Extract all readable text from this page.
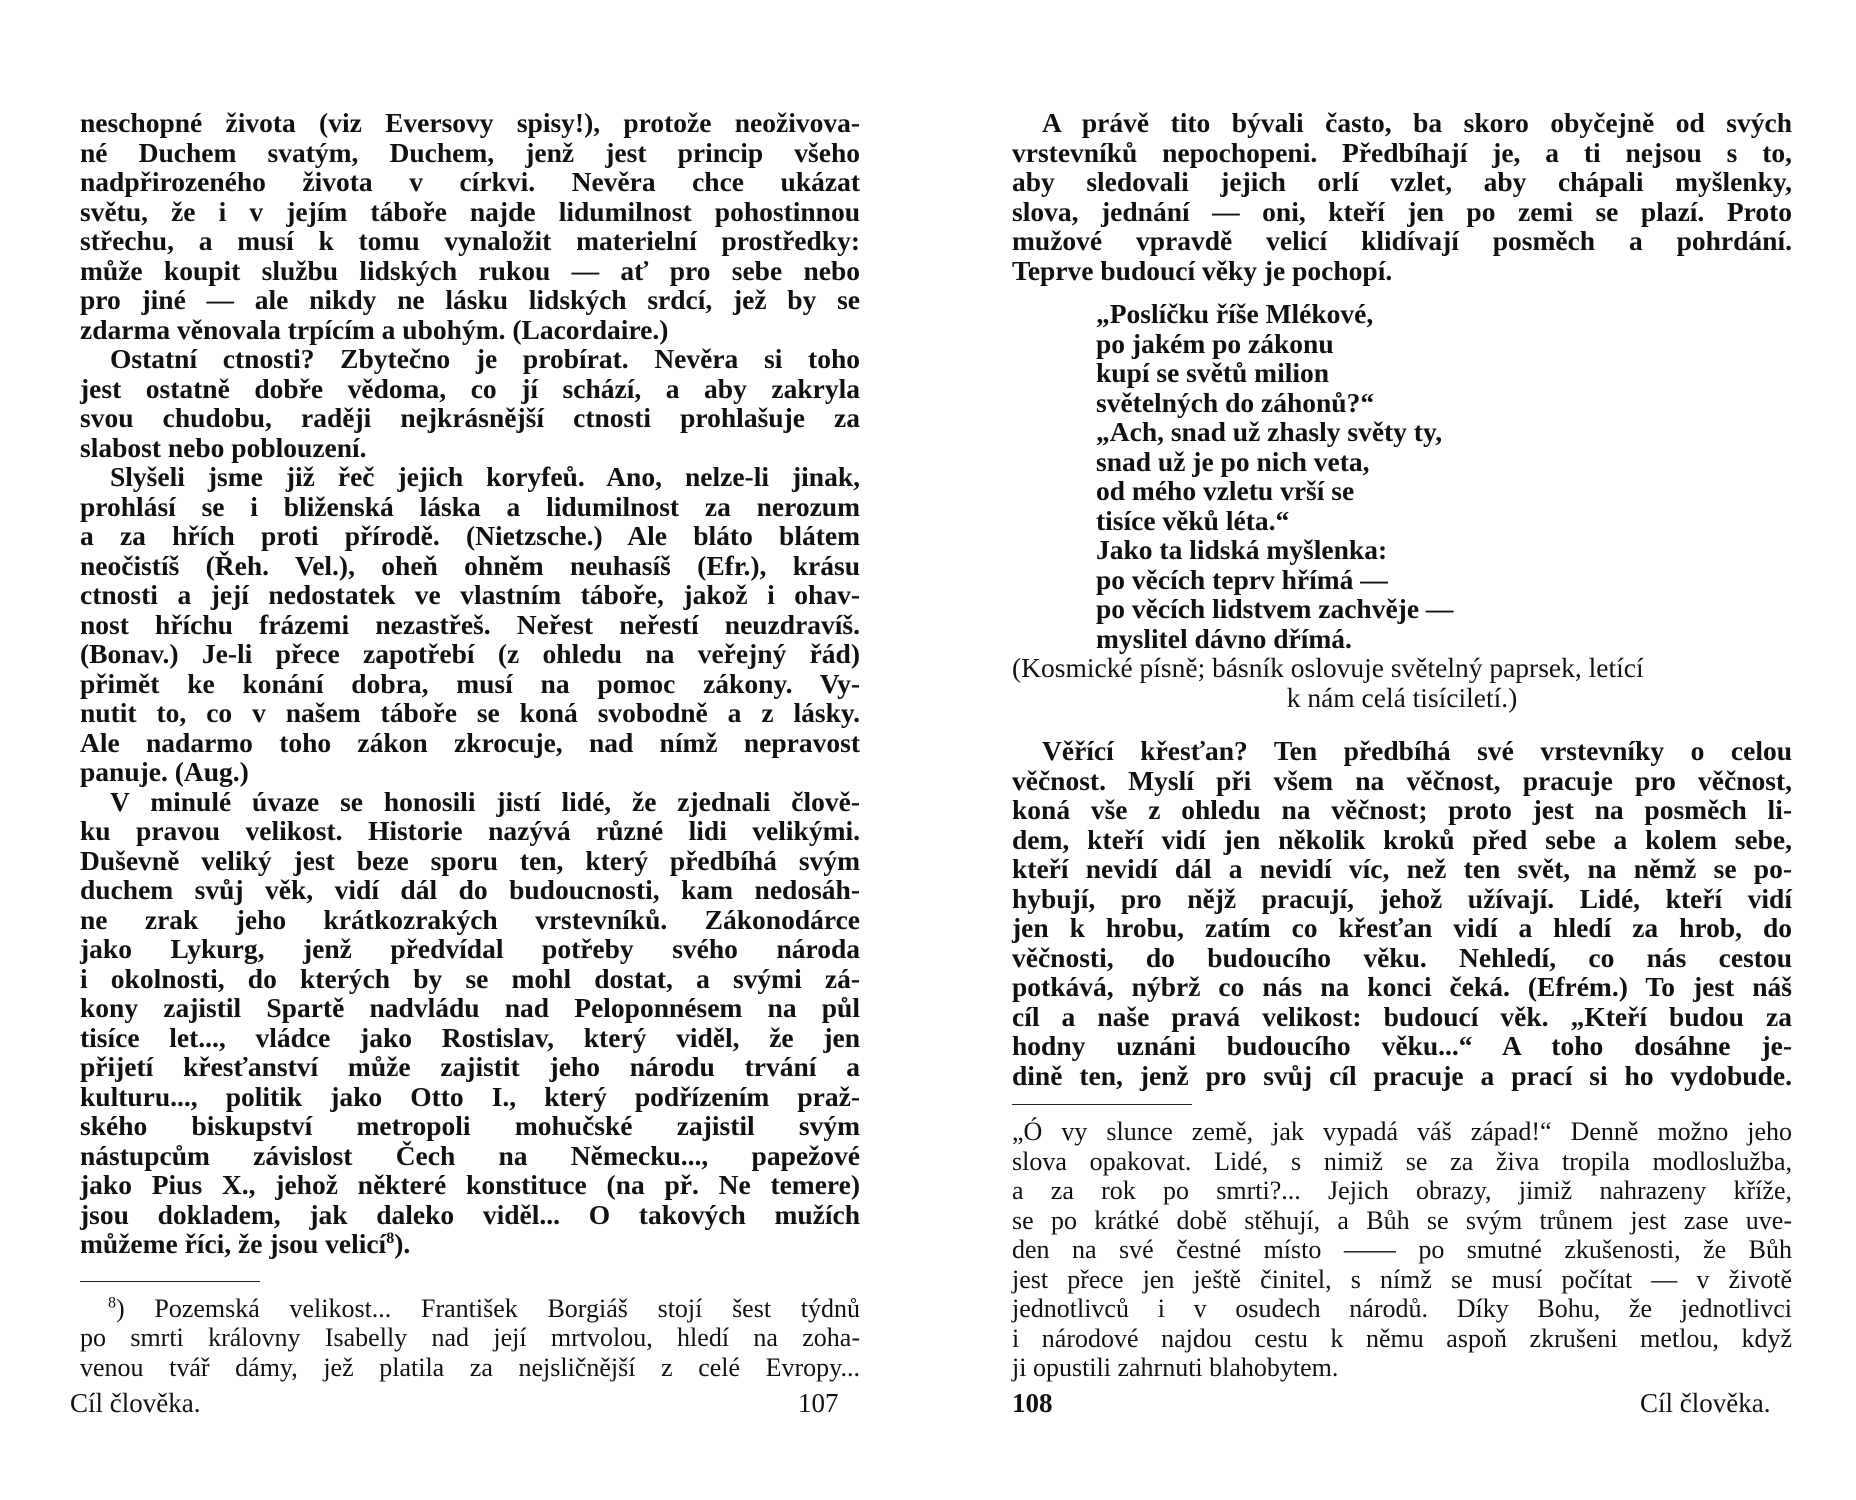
neschopné života (viz Eversovy spisy!), protože neoživova-
né Duchem svatým, Duchem, jenž jest princip všeho
nadpřirozeného života v církvi. Nevěra chce ukázat
světu, že i v jejím táboře najde lidumilnost pohostinnou
střechu, a musí k tomu vynaložit materielní prostředky:
může koupit službu lidských rukou — ať pro sebe nebo
pro jiné — ale nikdy ne lásku lidských srdcí, jež by se
zdarma věnovala trpícím a ubohým. (Lacordaire.)
Ostatní ctnosti? Zbytečno je probírat. Nevěra si toho
jest ostatně dobře vědoma, co jí schází, a aby zakryla
svou chudobu, raději nejkrásnější ctnosti prohlašuje za
slabost nebo poblouzení.
Slyšeli jsme již řeč jejich koryfeů. Ano, nelze-li jinak,
prohlásí se i bliženská láska a lidumilnost za nerozum
a za hřích proti přírodě. (Nietzsche.) Ale bláto blátem
neočistíš (Řeh. Vel.), oheň ohněm neuhasíš (Efr.), krásu
ctnosti a její nedostatek ve vlastním táboře, jakož i ohav-
nost hříchu frázemi nezastřeš. Neřest neřestí neuzdravíš.
(Bonav.) Je-li přece zapotřebí (z ohledu na veřejný řád)
přimět ke konání dobra, musí na pomoc zákony. Vy-
nutit to, co v našem táboře se koná svobodně a z lásky.
Ale nadarmo toho zákon zkrocuje, nad nímž nepravost
panuje. (Aug.)
V minulé úvaze se honosili jistí lidé, že zjednali člově-
ku pravou velikost. Historie nazývá různé lidi velikými.
Duševně veliký jest beze sporu ten, který předbíhá svým
duchem svůj věk, vidí dál do budoucnosti, kam nedosáh-
ne zrak jeho krátkozrakých vrstevníků. Zákonodárce
jako Lykurg, jenž předvídal potřeby svého národa
i okolnosti, do kterých by se mohl dostat, a svými zá-
kony zajistil Spartě nadvládu nad Peloponnésem na půl
tisíce let..., vládce jako Rostislav, který viděl, že jen
přijetí křesťanství může zajistit jeho národu trvání a
kulturu..., politik jako Otto I., který podřízením praž-
ského biskupství metropoli mohučské zajistil svým
nástupcům závislost Čech na Německu..., papežové
jako Pius X., jehož některé konstituce (na př. Ne temere)
jsou dokladem, jak daleko viděl... O takových mužích
můžeme říci, že jsou velicí$^8$).
$^8$) Pozemská velikost... František Borgiáš stojí šest týdnů
po smrti královny Isabelly nad její mrtvolou, hledí na zoha-
venou tvář dámy, jež platila za nejsličnější z celé Evropy...
A právě tito bývali často, ba skoro obyčejně od svých
vrstevníků nepochopeni. Předbíhají je, a ti nejsou s to,
aby sledovali jejich orlí vzlet, aby chápali myšlenky,
slova, jednání — oni, kteří jen po zemi se plazí. Proto
mužové vpravdě velicí klidívají posměch a pohrdání.
Teprve budoucí věky je pochopí.
„Poslíčku říše Mlékové,
po jakém po zákonu
kupí se světů milion
světelných do záhonů?“
„Ach, snad už zhasly světy ty,
snad už je po nich veta,
od mého vzletu vrší se
tisíce věků léta.“
Jako ta lidská myšlenka:
po věcích teprv hřímá —
po věcích lidstvem zachvěje —
myslitel dávno dřímá.
(Kosmické písně; básník oslovuje světelný paprsek, letící
k nám celá tisíciletí.)
Věřící křesťan? Ten předbíhá své vrstevníky o celou
věčnost. Myslí při všem na věčnost, pracuje pro věčnost,
koná vše z ohledu na věčnost; proto jest na posměch li-
dem, kteří vidí jen několik kroků před sebe a kolem sebe,
kteří nevidí dál a nevidí víc, než ten svět, na němž se po-
hybují, pro nějž pracují, jehož užívají. Lidé, kteří vidí
jen k hrobu, zatím co křesťan vidí a hledí za hrob, do
věčnosti, do budoucího věku. Nehledí, co nás cestou
potkává, nýbrž co nás na konci čeká. (Efrém.) To jest náš
cíl a naše pravá velikost: budoucí věk. „Kteří budou za
hodny uznáni budoucího věku...“ A toho dosáhne je-
dině ten, jenž pro svůj cíl pracuje a prací si ho vydobude.
„Ó vy slunce země, jak vypadá váš západ!“ Denně možno jeho
slova opakovat. Lidé, s nimiž se za živa tropila modloslužba,
a za rok po smrti?... Jejich obrazy, jimiž nahrazeny kříže,
se po krátké době stěhují, a Bůh se svým trůnem jest zase uve-
den na své čestné místo —— po smutné zkušenosti, že Bůh
jest přece jen ještě činitel, s nímž se musí počítat — v životě
jednotlivců i v osudech národů. Díky Bohu, že jednotlivci
i národové najdou cestu k němu aspoň zkrušeni metlou, když
ji opustili zahrnuti blahobytem.
Cíl člověka.	107	108	Cíl člověka.
